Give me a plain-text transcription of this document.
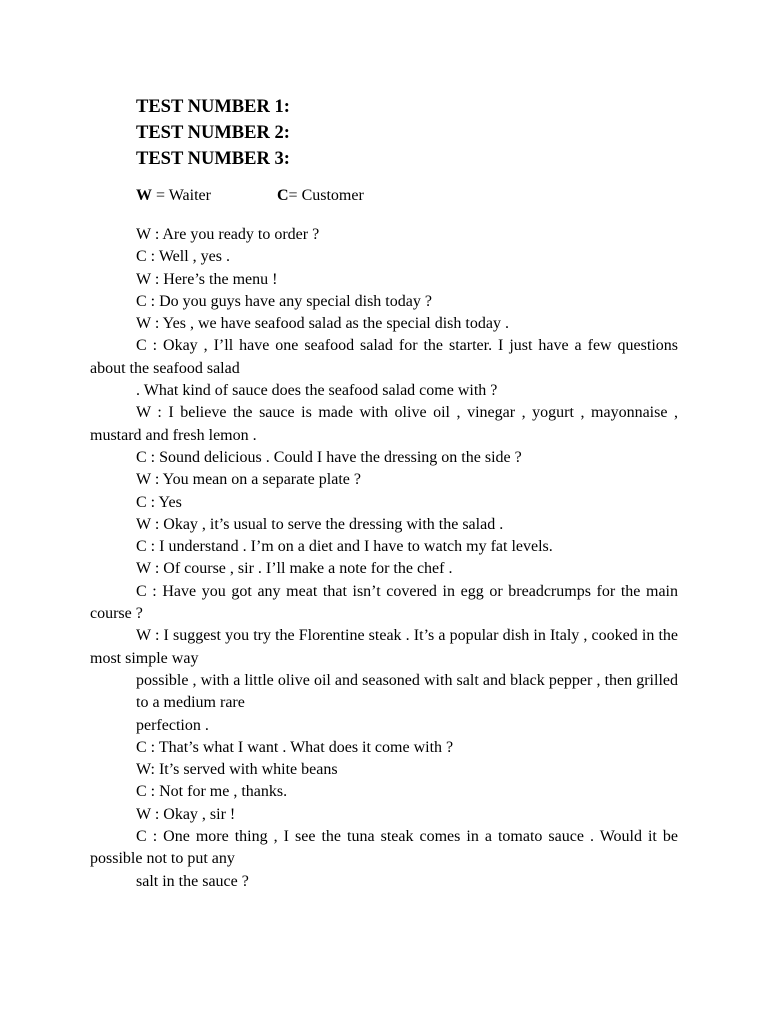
TEST NUMBER 1:

TEST NUMBER 2:

TEST NUMBER 3:

W = Waiter	C= Customer

W : Are you ready to order ?

C : Well , yes .

W : Here’s the menu !

C : Do you guys have any special dish today ?

W : Yes , we have seafood salad as the special dish today .

C : Okay , I’ll have one seafood salad for the starter. I just have a few questions about the seafood salad

. What kind of sauce does the seafood salad come with ?

W : I believe the sauce is made with olive oil , vinegar , yogurt , mayonnaise , mustard and fresh lemon .

C : Sound delicious . Could I have the dressing on the side ?

W : You mean on a separate plate ?

C : Yes

W : Okay , it’s usual to serve the dressing with the salad .

C : I understand . I’m on a diet and I have to watch my fat levels.

W : Of course , sir . I’ll make a note for the chef .

C : Have you got any meat that isn’t covered in egg or breadcrumps for the main course ?

W : I suggest you try the Florentine steak . It’s a popular dish in Italy , cooked in the most simple way

possible , with a little olive oil and seasoned with salt and black pepper , then grilled to a medium rare

perfection .

C : That’s what I want . What does it come with ?

W: It’s served with white beans

C : Not for me , thanks.

W : Okay , sir !

C : One more thing , I see the tuna steak comes in a tomato sauce . Would it be possible not to put any

salt in the sauce ?
